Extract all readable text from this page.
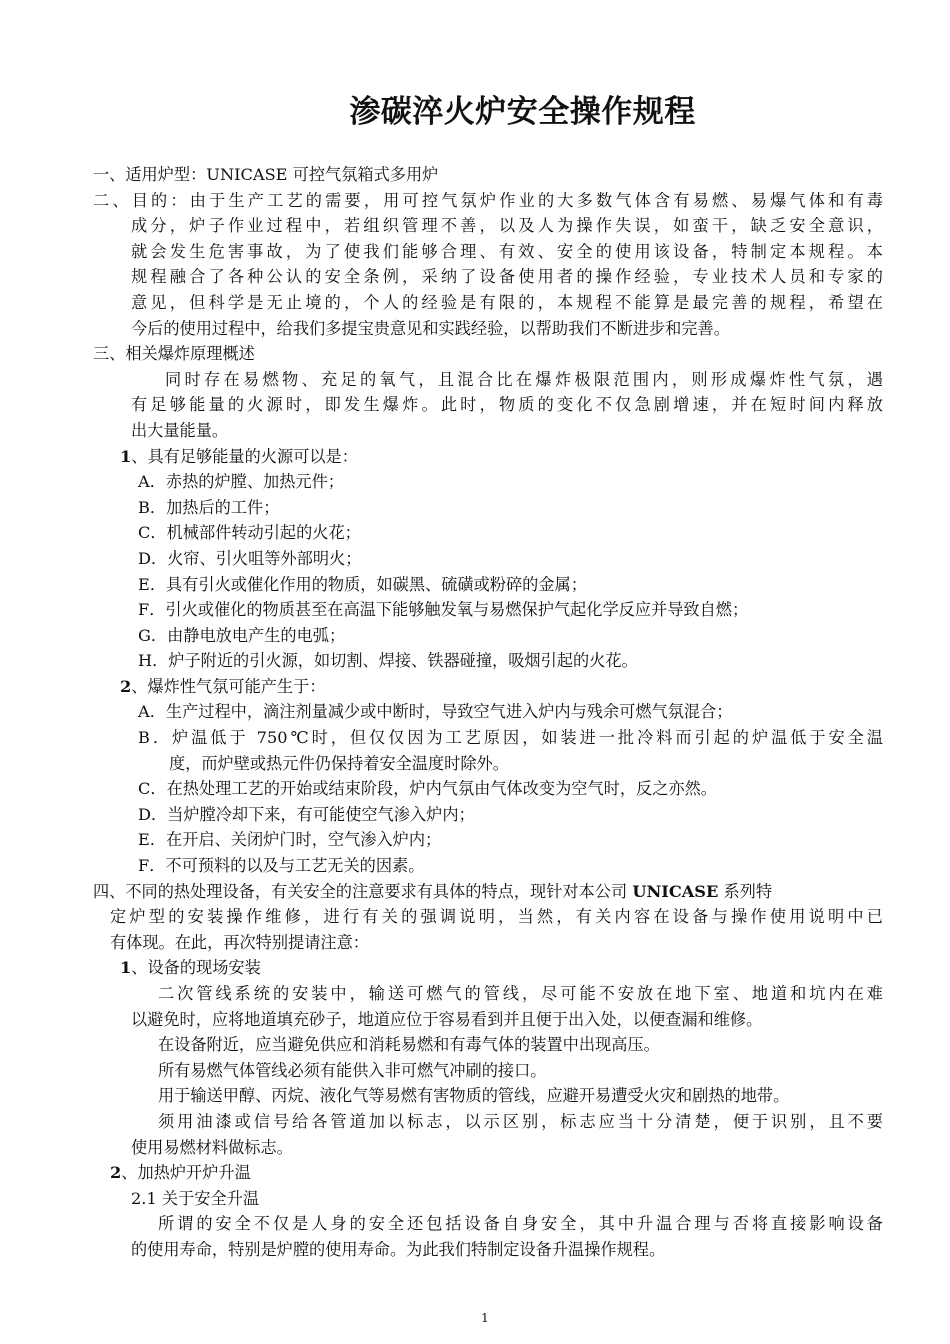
渗碳淬火炉安全操作规程
一、适用炉型：UNICASE 可控气氛箱式多用炉
二、目的：由于生产工艺的需要，用可控气氛炉作业的大多数气体含有易燃、易爆气体和有毒
成分，炉子作业过程中，若组织管理不善，以及人为操作失误，如蛮干，缺乏安全意识，
就会发生危害事故，为了使我们能够合理、有效、安全的使用该设备，特制定本规程。本
规程融合了各种公认的安全条例，采纳了设备使用者的操作经验，专业技术人员和专家的
意见，但科学是无止境的，个人的经验是有限的，本规程不能算是最完善的规程，希望在
今后的使用过程中，给我们多提宝贵意见和实践经验，以帮助我们不断进步和完善。
三、相关爆炸原理概述
同时存在易燃物、充足的氧气，且混合比在爆炸极限范围内，则形成爆炸性气氛，遇
有足够能量的火源时，即发生爆炸。此时，物质的变化不仅急剧增速，并在短时间内释放
出大量能量。
1、具有足够能量的火源可以是：
A．赤热的炉膛、加热元件；
B．加热后的工件；
C．机械部件转动引起的火花；
D．火帘、引火咀等外部明火；
E．具有引火或催化作用的物质，如碳黑、硫磺或粉碎的金属；
F．引火或催化的物质甚至在高温下能够触发氧与易燃保护气起化学反应并导致自燃；
G．由静电放电产生的电弧；
H．炉子附近的引火源，如切割、焊接、铁器碰撞，吸烟引起的火花。
2、爆炸性气氛可能产生于：
A．生产过程中，滴注剂量减少或中断时，导致空气进入炉内与残余可燃气氛混合；
B．炉温低于 750℃时，但仅仅因为工艺原因，如装进一批冷料而引起的炉温低于安全温
度，而炉壁或热元件仍保持着安全温度时除外。
C．在热处理工艺的开始或结束阶段，炉内气氛由气体改变为空气时，反之亦然。
D．当炉膛冷却下来，有可能使空气渗入炉内；
E．在开启、关闭炉门时，空气渗入炉内；
F．不可预料的以及与工艺无关的因素。
四、不同的热处理设备，有关安全的注意要求有具体的特点，现针对本公司 UNICASE 系列特
定炉型的安装操作维修，进行有关的强调说明，当然，有关内容在设备与操作使用说明中已
有体现。在此，再次特别提请注意：
1、设备的现场安装
二次管线系统的安装中，输送可燃气的管线，尽可能不安放在地下室、地道和坑内在难
以避免时，应将地道填充砂子，地道应位于容易看到并且便于出入处，以便查漏和维修。
在设备附近，应当避免供应和消耗易燃和有毒气体的装置中出现高压。
所有易燃气体管线必须有能供入非可燃气冲刷的接口。
用于输送甲醇、丙烷、液化气等易燃有害物质的管线，应避开易遭受火灾和剧热的地带。
须用油漆或信号给各管道加以标志，以示区别，标志应当十分清楚，便于识别，且不要
使用易燃材料做标志。
2、加热炉开炉升温
2.1 关于安全升温
所谓的安全不仅是人身的安全还包括设备自身安全，其中升温合理与否将直接影响设备
的使用寿命，特别是炉膛的使用寿命。为此我们特制定设备升温操作规程。
1
